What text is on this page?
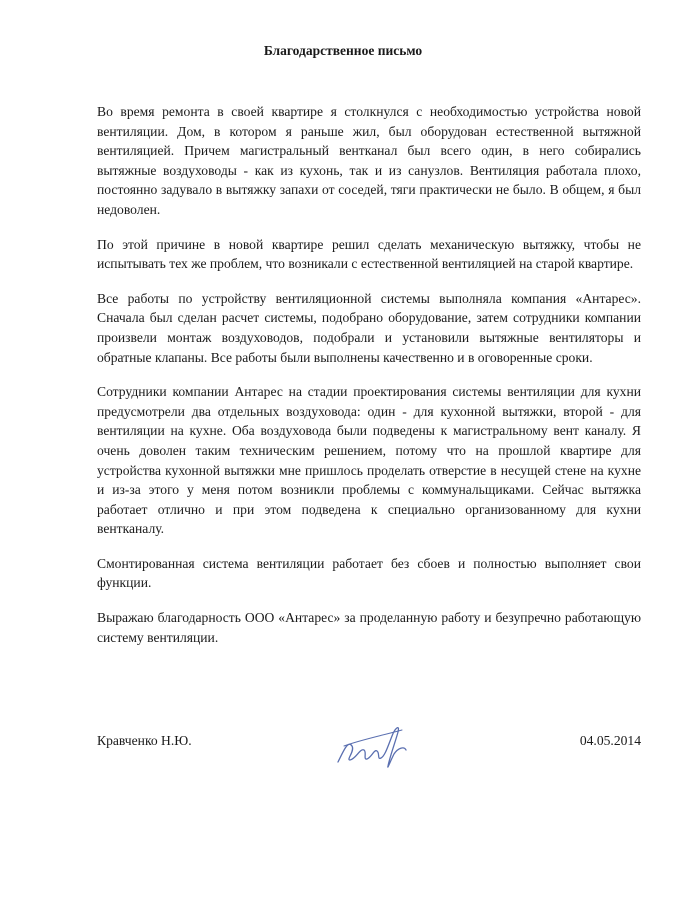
Благодарственное письмо

Во время ремонта в своей квартире я столкнулся с необходимостью устройства новой вентиляции. Дом, в котором я раньше жил, был оборудован естественной вытяжной вентиляцией. Причем магистральный вентканал был всего один, в него собирались вытяжные воздуховоды - как из кухонь, так и из санузлов. Вентиляция работала плохо, постоянно задувало в вытяжку запахи от соседей, тяги практически не было. В общем, я был недоволен.

По этой причине в новой квартире решил сделать механическую вытяжку, чтобы не испытывать тех же проблем, что возникали с естественной вентиляцией на старой квартире.

Все работы по устройству вентиляционной системы выполняла компания «Антарес». Сначала был сделан расчет системы, подобрано оборудование, затем сотрудники компании произвели монтаж воздуховодов, подобрали и установили вытяжные вентиляторы и обратные клапаны. Все работы были выполнены качественно и в оговоренные сроки.

Сотрудники компании Антарес на стадии проектирования системы вентиляции для кухни предусмотрели два отдельных воздуховода: один - для кухонной вытяжки, второй - для вентиляции на кухне. Оба воздуховода были подведены к магистральному вент каналу. Я очень доволен таким техническим решением, потому что на прошлой квартире для устройства кухонной вытяжки мне пришлось проделать отверстие в несущей стене на кухне и из-за этого у меня потом возникли проблемы с коммунальщиками. Сейчас вытяжка работает отлично и при этом подведена к специально организованному для кухни вентканалу.

Смонтированная система вентиляции работает без сбоев и полностью выполняет свои функции.

Выражаю благодарность ООО «Антарес» за проделанную работу и безупречно работающую систему вентиляции.

Кравченко Н.Ю.	04.05.2014
